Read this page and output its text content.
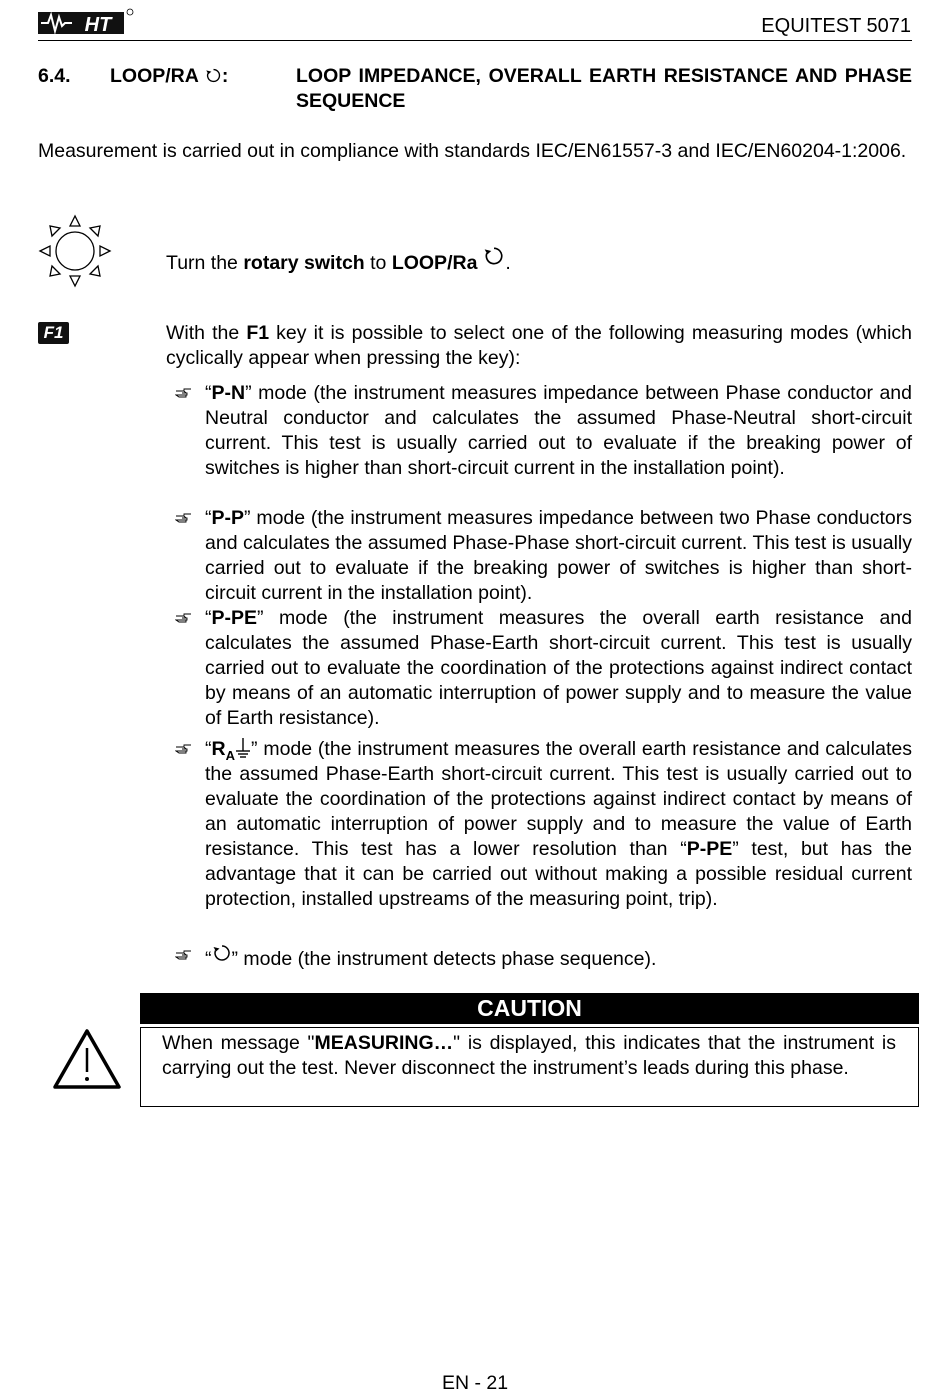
HT	EQUITEST 5071
6.4. LOOP/RA :	LOOP IMPEDANCE, OVERALL EARTH RESISTANCE AND PHASE SEQUENCE
Measurement is carried out in compliance with standards IEC/EN61557-3 and IEC/EN60204-1:2006.
Turn the rotary switch to LOOP/Ra .
F1	With the F1 key it is possible to select one of the following measuring modes (which cyclically appear when pressing the key):
“P-N” mode (the instrument measures impedance between Phase conductor and Neutral conductor and calculates the assumed Phase-Neutral short-circuit current. This test is usually carried out to evaluate if the breaking power of switches is higher than short-circuit current in the installation point).
“P-P” mode (the instrument measures impedance between two Phase conductors and calculates the assumed Phase-Phase short-circuit current. This test is usually carried out to evaluate if the breaking power of switches is higher than short-circuit current in the installation point).
“P-PE” mode (the instrument measures the overall earth resistance and calculates the assumed Phase-Earth short-circuit current. This test is usually carried out to evaluate the coordination of the protections against indirect contact by means of an automatic interruption of power supply and to measure the value of Earth resistance).
“$R_A$ ” mode (the instrument measures the overall earth resistance and calculates the assumed Phase-Earth short-circuit current. This test is usually carried out to evaluate the coordination of the protections against indirect contact by means of an automatic interruption of power supply and to measure the value of Earth resistance. This test has a lower resolution than “P-PE” test, but has the advantage that it can be carried out without making a possible residual current protection, installed upstreams of the measuring point, trip).
“ ” mode (the instrument detects phase sequence).
CAUTION
When message "MEASURING…" is displayed, this indicates that the instrument is carrying out the test. Never disconnect the instrument’s leads during this phase.
EN - 21
